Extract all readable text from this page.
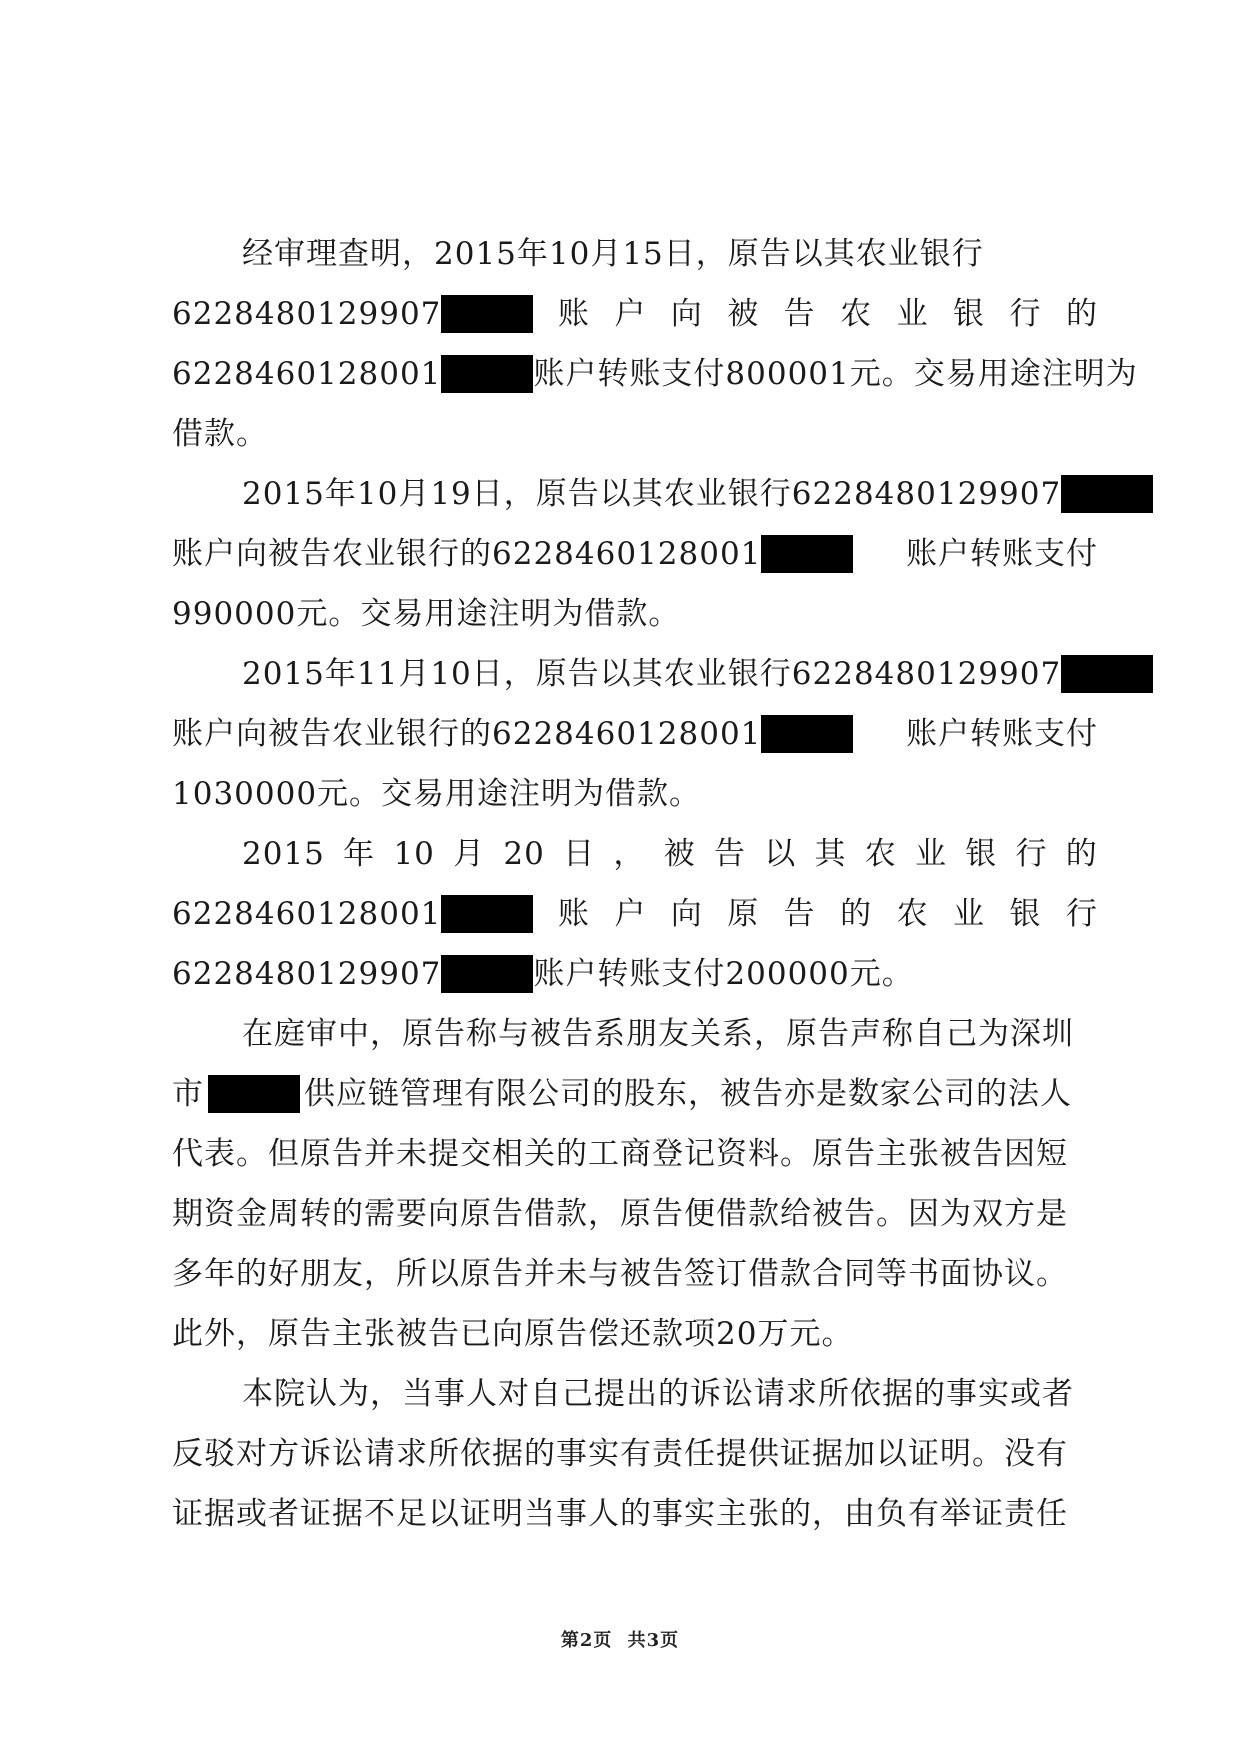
经审理查明，2015年10月15日，原告以其农业银行
6228480129907	账 户 向 被 告 农 业 银 行 的
6228460128001	账户转账支付800001元。交易用途注明为
借款。
2015年10月19日，原告以其农业银行6228480129907
账户向被告农业银行的6228460128001	账户转账支付
990000元。交易用途注明为借款。
2015年11月10日，原告以其农业银行6228480129907
账户向被告农业银行的6228460128001	账户转账支付
1030000元。交易用途注明为借款。
2015 年 10 月 20 日 ， 被 告 以 其 农 业 银 行 的
6228460128001	账 户 向 原 告 的 农 业 银 行
6228480129907	账户转账支付200000元。
在庭审中，原告称与被告系朋友关系，原告声称自己为深圳
市	供应链管理有限公司的股东，被告亦是数家公司的法人
代表。但原告并未提交相关的工商登记资料。原告主张被告因短
期资金周转的需要向原告借款，原告便借款给被告。因为双方是
多年的好朋友，所以原告并未与被告签订借款合同等书面协议。
此外，原告主张被告已向原告偿还款项20万元。
本院认为，当事人对自己提出的诉讼请求所依据的事实或者
反驳对方诉讼请求所依据的事实有责任提供证据加以证明。没有
证据或者证据不足以证明当事人的事实主张的，由负有举证责任
第2页 共3页
